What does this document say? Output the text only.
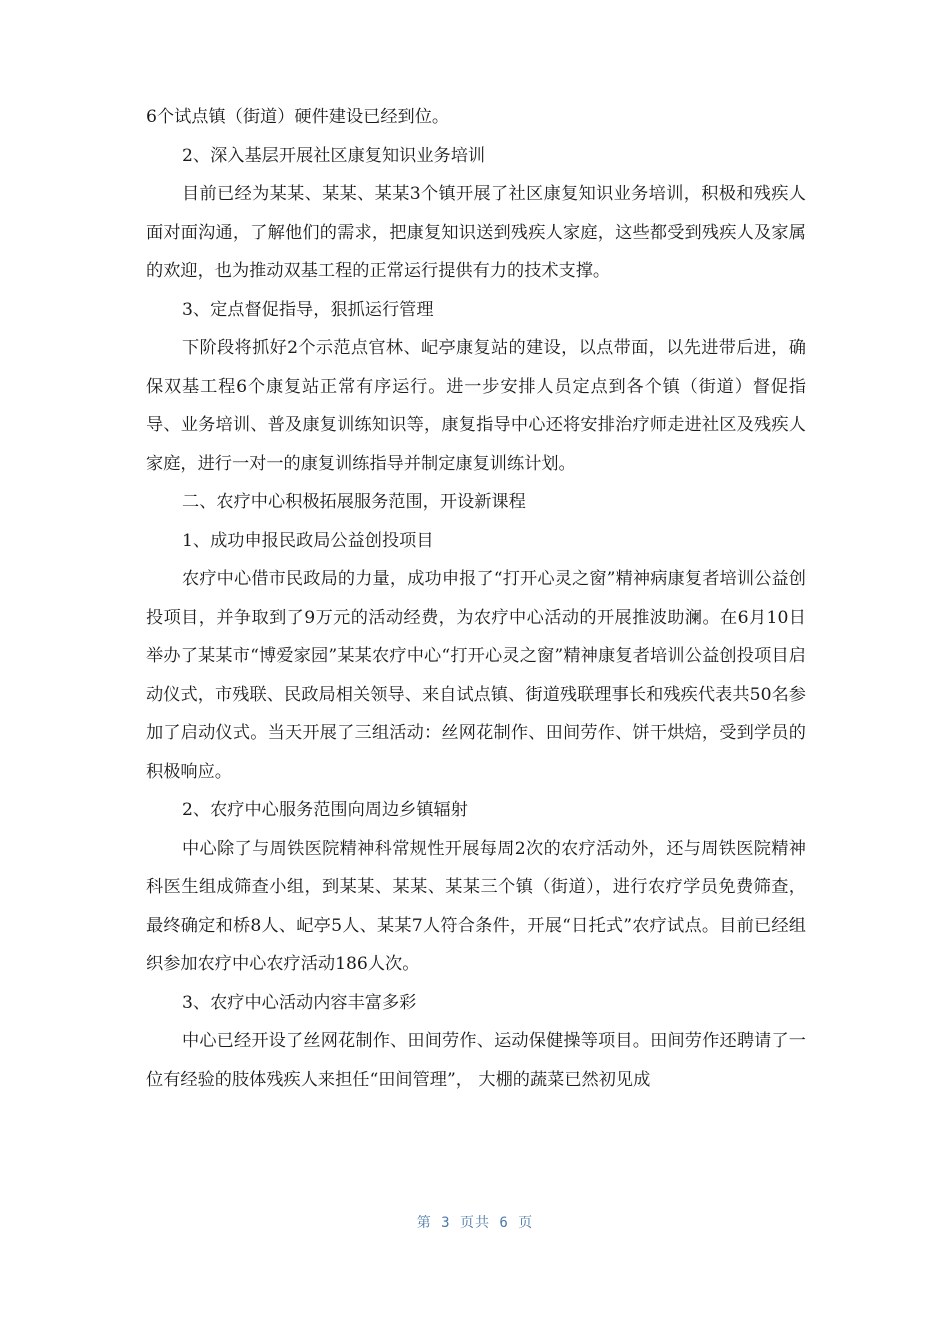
6个试点镇（街道）硬件建设已经到位。

2、深入基层开展社区康复知识业务培训

目前已经为某某、某某、某某3个镇开展了社区康复知识业务培训，积极和残疾人面对面沟通，了解他们的需求，把康复知识送到残疾人家庭，这些都受到残疾人及家属的欢迎，也为推动双基工程的正常运行提供有力的技术支撑。

3、定点督促指导，狠抓运行管理

下阶段将抓好2个示范点官林、屺亭康复站的建设，以点带面，以先进带后进，确保双基工程6个康复站正常有序运行。进一步安排人员定点到各个镇（街道）督促指导、业务培训、普及康复训练知识等，康复指导中心还将安排治疗师走进社区及残疾人家庭，进行一对一的康复训练指导并制定康复训练计划。

二、农疗中心积极拓展服务范围，开设新课程

1、成功申报民政局公益创投项目

农疗中心借市民政局的力量，成功申报了“打开心灵之窗”精神病康复者培训公益创投项目，并争取到了9万元的活动经费，为农疗中心活动的开展推波助澜。在6月10日举办了某某市“博爱家园”某某农疗中心“打开心灵之窗”精神康复者培训公益创投项目启动仪式，市残联、民政局相关领导、来自试点镇、街道残联理事长和残疾代表共50名参加了启动仪式。当天开展了三组活动：丝网花制作、田间劳作、饼干烘焙，受到学员的积极响应。

2、农疗中心服务范围向周边乡镇辐射

中心除了与周铁医院精神科常规性开展每周2次的农疗活动外，还与周铁医院精神科医生组成筛查小组，到某某、某某、某某三个镇（街道），进行农疗学员免费筛查，最终确定和桥8人、屺亭5人、某某7人符合条件，开展“日托式”农疗试点。目前已经组织参加农疗中心农疗活动186人次。

3、农疗中心活动内容丰富多彩

中心已经开设了丝网花制作、田间劳作、运动保健操等项目。田间劳作还聘请了一位有经验的肢体残疾人来担任“田间管理”， 大棚的蔬菜已然初见成

第 3 页共 6 页
